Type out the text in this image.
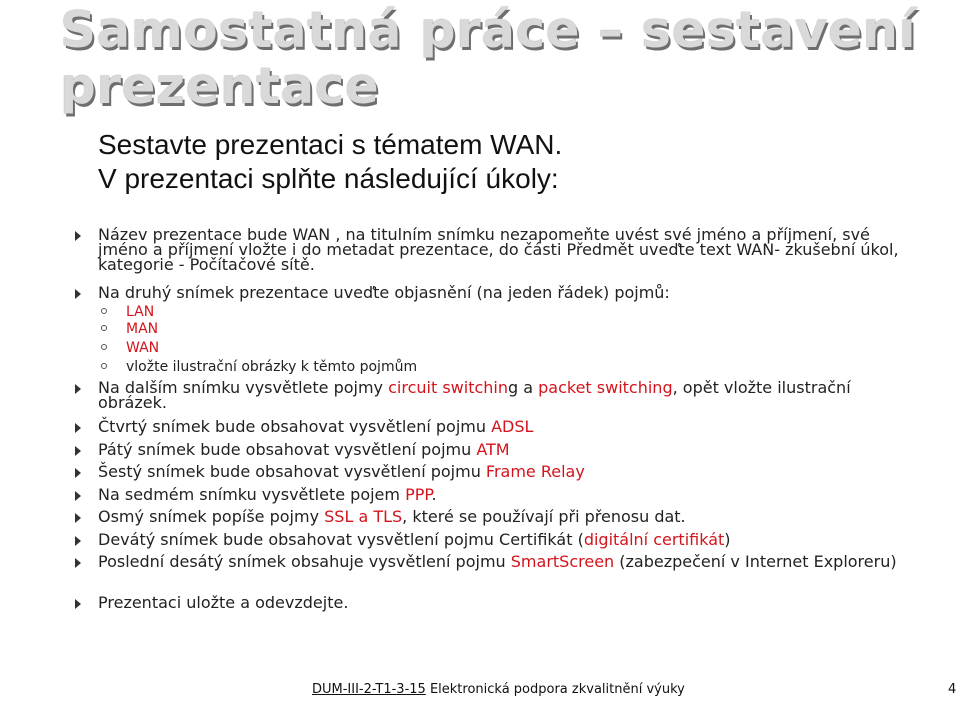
Samostatná práce – sestavení prezentace
Sestavte prezentaci s tématem WAN.
V prezentaci splňte následující úkoly:
Název prezentace bude WAN , na titulním snímku nezapomeňte uvést své jméno a příjmení, své jméno a příjmení vložte i do metadat prezentace, do části Předmět uveďte text WAN- zkušební úkol, kategorie - Počítačové sítě.
Na druhý snímek prezentace uveďte objasnění (na jeden řádek) pojmů:
LAN
MAN
WAN
vložte ilustrační obrázky k těmto pojmům
Na dalším snímku vysvětlete pojmy circuit switching a packet switching, opět vložte ilustrační obrázek.
Čtvrtý snímek bude obsahovat vysvětlení pojmu ADSL
Pátý snímek bude obsahovat vysvětlení pojmu ATM
Šestý snímek bude obsahovat vysvětlení pojmu Frame Relay
Na sedmém snímku vysvětlete pojem PPP.
Osmý snímek popíše pojmy SSL a TLS, které se používají při přenosu dat.
Devátý snímek bude obsahovat vysvětlení pojmu Certifikát (digitální certifikát)
Poslední desátý snímek obsahuje vysvětlení pojmu SmartScreen (zabezpečení v Internet Exploreru)
Prezentaci uložte a odevzdejte.
DUM-III-2-T1-3-15 Elektronická podpora zkvalitnění výuky	4
